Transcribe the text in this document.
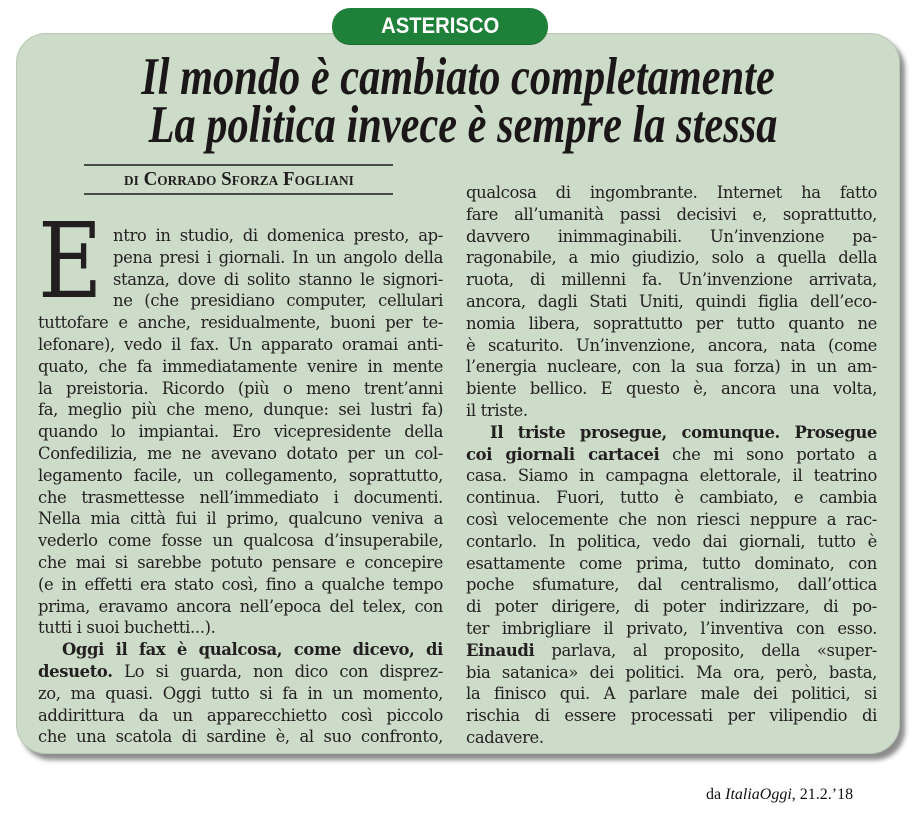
ASTERISCO
Il mondo è cambiato completamente
La politica invece è sempre la stessa
di Corrado Sforza Fogliani
E ntro in studio, di domenica presto, ap-
pena presi i giornali. In un angolo della
stanza, dove di solito stanno le signori-
ne (che presidiano computer, cellulari
tuttofare e anche, residualmente, buoni per te-
lefonare), vedo il fax. Un apparato oramai anti-
quato, che fa immediatamente venire in mente
la preistoria. Ricordo (più o meno trent’anni
fa, meglio più che meno, dunque: sei lustri fa)
quando lo impiantai. Ero vicepresidente della
Confedilizia, me ne avevano dotato per un col-
legamento facile, un collegamento, soprattutto,
che trasmettesse nell’immediato i documenti.
Nella mia città fui il primo, qualcuno veniva a
vederlo come fosse un qualcosa d’insuperabile,
che mai si sarebbe potuto pensare e concepire
(e in effetti era stato così, fino a qualche tempo
prima, eravamo ancora nell’epoca del telex, con
tutti i suoi buchetti...).
Oggi il fax è qualcosa, come dicevo, di
desueto. Lo si guarda, non dico con disprez-
zo, ma quasi. Oggi tutto si fa in un momento,
addirittura da un apparecchietto così piccolo
che una scatola di sardine è, al suo confronto,
qualcosa di ingombrante. Internet ha fatto
fare all’umanità passi decisivi e, soprattutto,
davvero inimmaginabili. Un’invenzione pa-
ragonabile, a mio giudizio, solo a quella della
ruota, di millenni fa. Un’invenzione arrivata,
ancora, dagli Stati Uniti, quindi figlia dell’eco-
nomia libera, soprattutto per tutto quanto ne
è scaturito. Un’invenzione, ancora, nata (come
l’energia nucleare, con la sua forza) in un am-
biente bellico. E questo è, ancora una volta,
il triste.
Il triste prosegue, comunque. Prosegue
coi giornali cartacei che mi sono portato a
casa. Siamo in campagna elettorale, il teatrino
continua. Fuori, tutto è cambiato, e cambia
così velocemente che non riesci neppure a rac-
contarlo. In politica, vedo dai giornali, tutto è
esattamente come prima, tutto dominato, con
poche sfumature, dal centralismo, dall’ottica
di poter dirigere, di poter indirizzare, di po-
ter imbrigliare il privato, l’inventiva con esso.
Einaudi parlava, al proposito, della «super-
bia satanica» dei politici. Ma ora, però, basta,
la finisco qui. A parlare male dei politici, si
rischia di essere processati per vilipendio di
cadavere.
da ItaliaOggi, 21.2.’18
